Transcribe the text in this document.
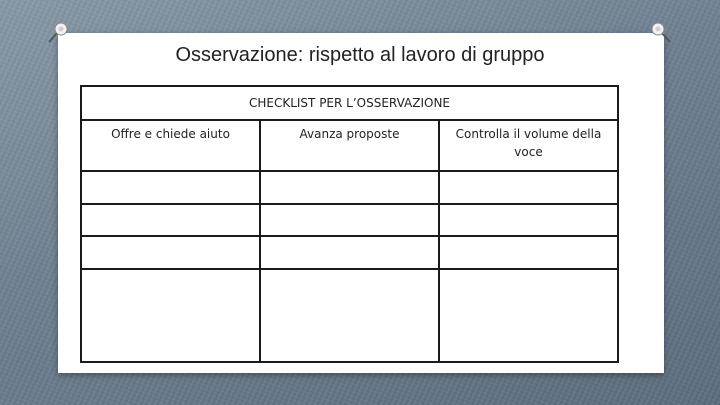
Osservazione: rispetto al lavoro di gruppo
CHECKLIST PER L’OSSERVAZIONE		
Offre e chiede aiuto	Avanza proposte	Controlla il volume della voce
